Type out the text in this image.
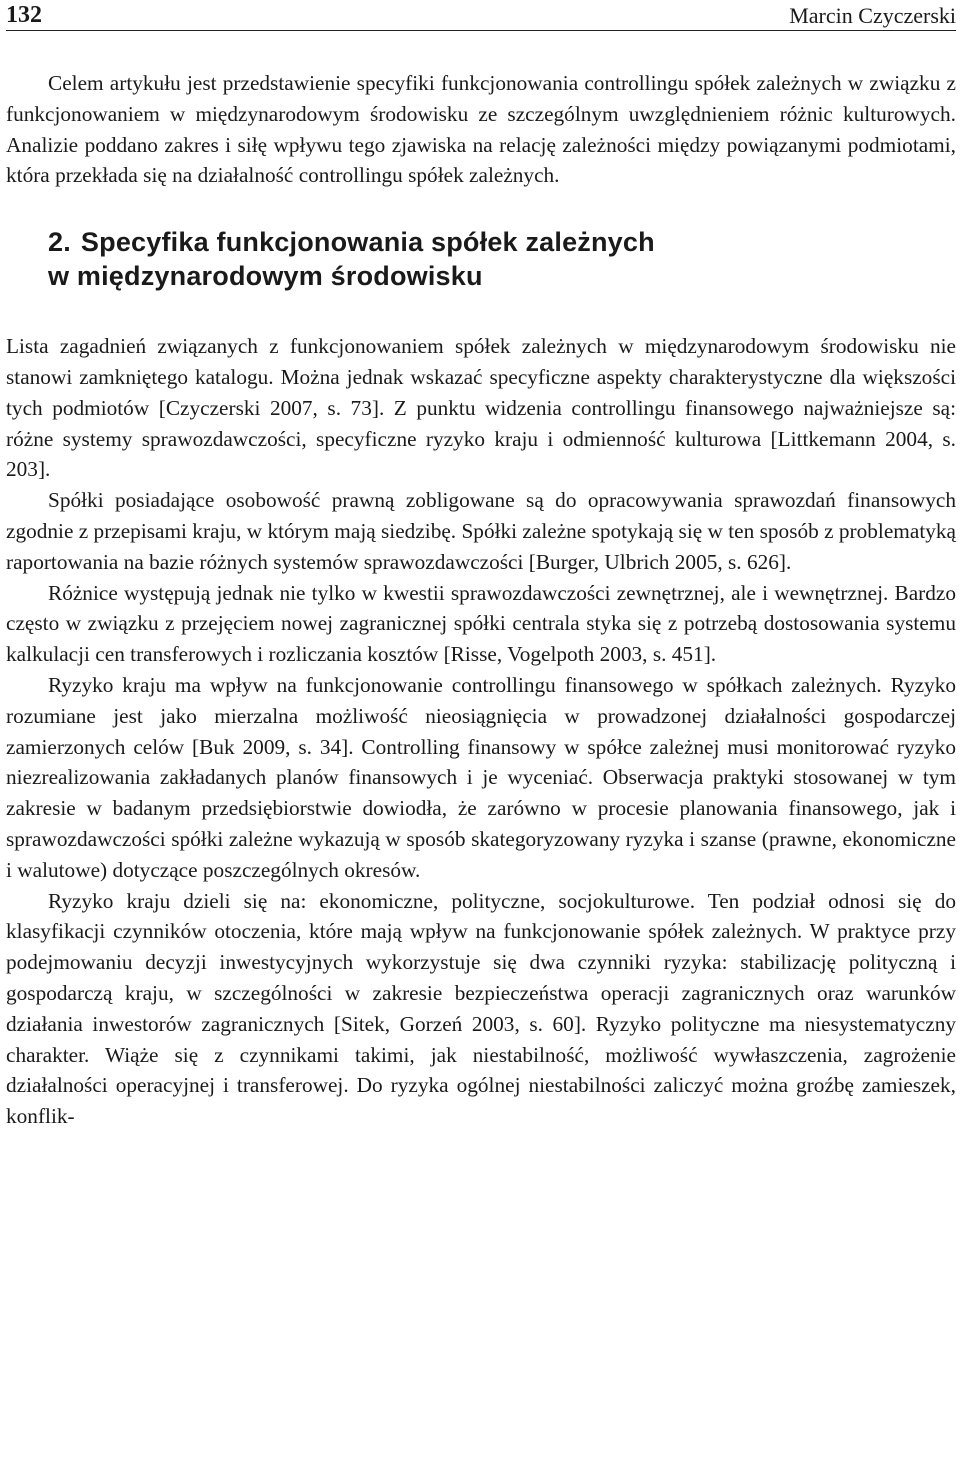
132	Marcin Czyczerski

Celem artykułu jest przedstawienie specyfiki funkcjonowania controllingu spółek zależnych w związku z funkcjonowaniem w międzynarodowym środowisku ze szczególnym uwzględnieniem różnic kulturowych. Analizie poddano zakres i siłę wpływu tego zjawiska na relację zależności między powiązanymi podmiotami, która przekłada się na działalność controllingu spółek zależnych.

2. Specyfika funkcjonowania spółek zależnych
w międzynarodowym środowisku

Lista zagadnień związanych z funkcjonowaniem spółek zależnych w międzynarodowym środowisku nie stanowi zamkniętego katalogu. Można jednak wskazać specyficzne aspekty charakterystyczne dla większości tych podmiotów [Czyczerski 2007, s. 73]. Z punktu widzenia controllingu finansowego najważniejsze są: różne systemy sprawozdawczości, specyficzne ryzyko kraju i odmienność kulturowa [Littkemann 2004, s. 203].

Spółki posiadające osobowość prawną zobligowane są do opracowywania sprawozdań finansowych zgodnie z przepisami kraju, w którym mają siedzibę. Spółki zależne spotykają się w ten sposób z problematyką raportowania na bazie różnych systemów sprawozdawczości [Burger, Ulbrich 2005, s. 626].

Różnice występują jednak nie tylko w kwestii sprawozdawczości zewnętrznej, ale i wewnętrznej. Bardzo często w związku z przejęciem nowej zagranicznej spółki centrala styka się z potrzebą dostosowania systemu kalkulacji cen transferowych i rozliczania kosztów [Risse, Vogelpoth 2003, s. 451].

Ryzyko kraju ma wpływ na funkcjonowanie controllingu finansowego w spółkach zależnych. Ryzyko rozumiane jest jako mierzalna możliwość nieosiągnięcia w prowadzonej działalności gospodarczej zamierzonych celów [Buk 2009, s. 34]. Controlling finansowy w spółce zależnej musi monitorować ryzyko niezrealizowania zakładanych planów finansowych i je wyceniać. Obserwacja praktyki stosowanej w tym zakresie w badanym przedsiębiorstwie dowiodła, że zarówno w procesie planowania finansowego, jak i sprawozdawczości spółki zależne wykazują w sposób skategoryzowany ryzyka i szanse (prawne, ekonomiczne i walutowe) dotyczące poszczególnych okresów.

Ryzyko kraju dzieli się na: ekonomiczne, polityczne, socjokulturowe. Ten podział odnosi się do klasyfikacji czynników otoczenia, które mają wpływ na funkcjonowanie spółek zależnych. W praktyce przy podejmowaniu decyzji inwestycyjnych wykorzystuje się dwa czynniki ryzyka: stabilizację polityczną i gospodarczą kraju, w szczególności w zakresie bezpieczeństwa operacji zagranicznych oraz warunków działania inwestorów zagranicznych [Sitek, Gorzeń 2003, s. 60]. Ryzyko polityczne ma niesystematyczny charakter. Wiąże się z czynnikami takimi, jak niestabilność, możliwość wywłaszczenia, zagrożenie działalności operacyjnej i transferowej. Do ryzyka ogólnej niestabilności zaliczyć można groźbę zamieszek, konflik-
